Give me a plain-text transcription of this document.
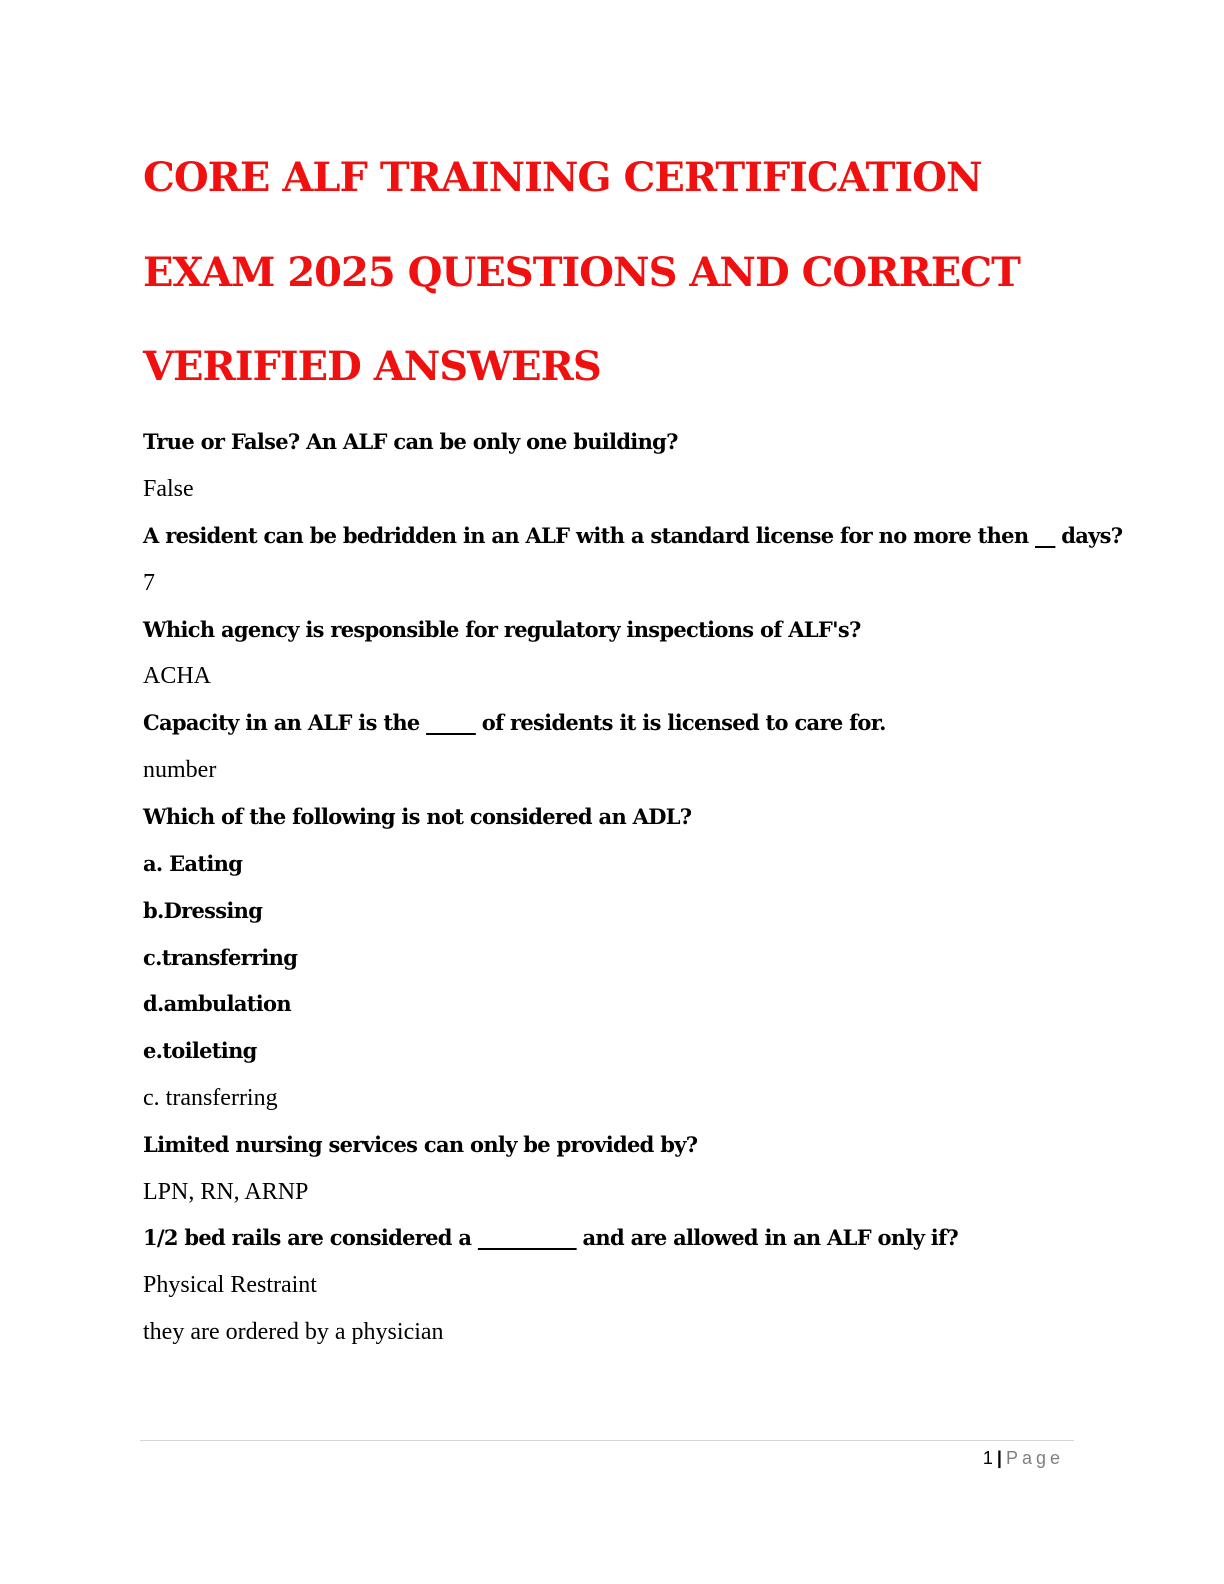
CORE ALF TRAINING CERTIFICATION
EXAM 2025 QUESTIONS AND CORRECT
VERIFIED ANSWERS

True or False? An ALF can be only one building?

False

A resident can be bedridden in an ALF with a standard license for no more then __ days?

7

Which agency is responsible for regulatory inspections of ALF's?

ACHA

Capacity in an ALF is the _____ of residents it is licensed to care for.

number

Which of the following is not considered an ADL?

a. Eating

b.Dressing

c.transferring

d.ambulation

e.toileting

c. transferring

Limited nursing services can only be provided by?

LPN, RN, ARNP

1/2 bed rails are considered a __________ and are allowed in an ALF only if?

Physical Restraint

they are ordered by a physician

1 | Page
